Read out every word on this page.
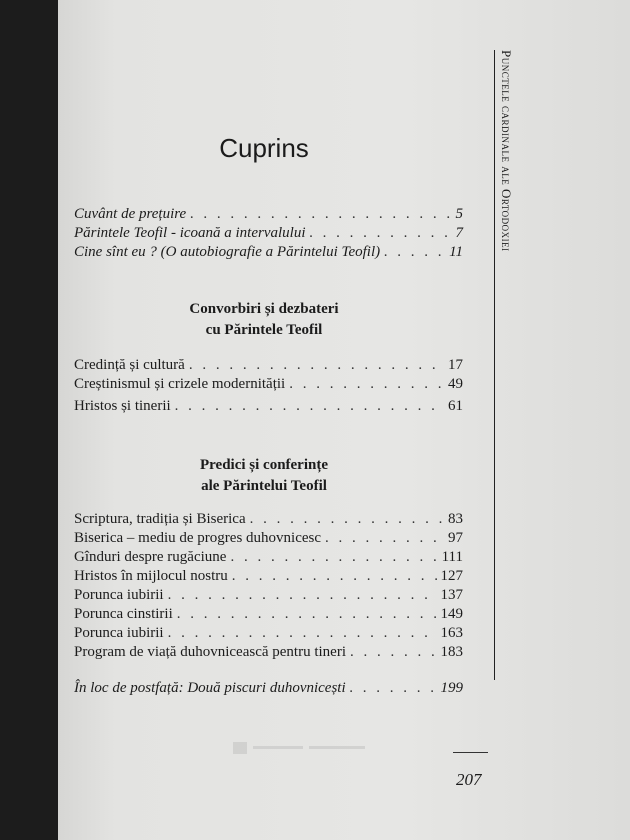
Punctele cardinale ale Ortodoxiei
Cuprins
Cuvânt de prețuire . . .	5
Părintele Teofil - icoană a intervalului . . .	7
Cine sînt eu ? (O autobiografie a Părintelui Teofil) . . .	11
Convorbiri și dezbateri
cu Părintele Teofil
Credință și cultură . . .	17
Creștinismul și crizele modernității . . .	49
Hristos și tinerii . . .	61
Predici și conferințe
ale Părintelui Teofil
Scriptura, tradiția și Biserica . . .	83
Biserica – mediu de progres duhovnicesc . . .	97
Gînduri despre rugăciune . . .	111
Hristos în mijlocul nostru . . .	127
Porunca iubirii . . .	137
Porunca cinstirii . . .	149
Porunca iubirii . . .	163
Program de viață duhovnicească pentru tineri . . .	183
În loc de postfață: Două piscuri duhovnicești . . .	199
207
